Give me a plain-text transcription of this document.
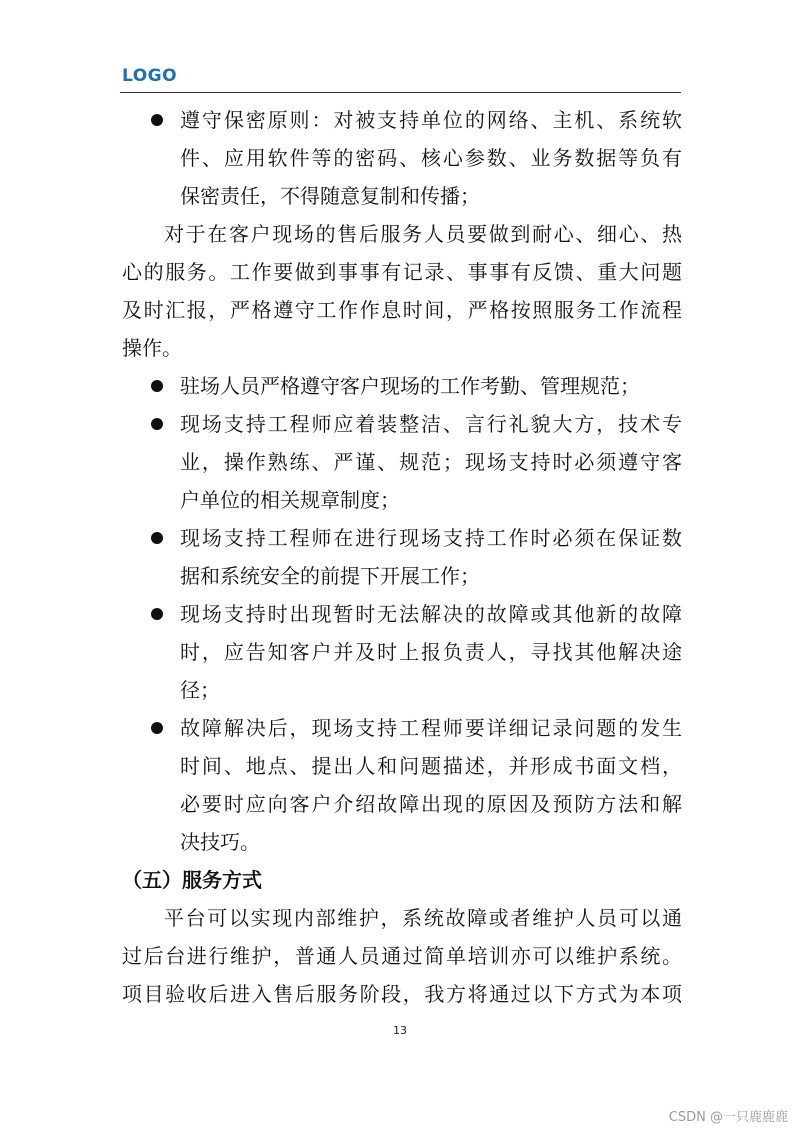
LOGO
遵守保密原则：对被支持单位的网络、主机、系统软
件、应用软件等的密码、核心参数、业务数据等负有
保密责任，不得随意复制和传播；
对于在客户现场的售后服务人员要做到耐心、细心、热
心的服务。工作要做到事事有记录、事事有反馈、重大问题
及时汇报，严格遵守工作作息时间，严格按照服务工作流程
操作。
驻场人员严格遵守客户现场的工作考勤、管理规范；
现场支持工程师应着装整洁、言行礼貌大方，技术专
业，操作熟练、严谨、规范；现场支持时必须遵守客
户单位的相关规章制度；
现场支持工程师在进行现场支持工作时必须在保证数
据和系统安全的前提下开展工作；
现场支持时出现暂时无法解决的故障或其他新的故障
时，应告知客户并及时上报负责人，寻找其他解决途
径；
故障解决后，现场支持工程师要详细记录问题的发生
时间、地点、提出人和问题描述，并形成书面文档，
必要时应向客户介绍故障出现的原因及预防方法和解
决技巧。
（五）服务方式
平台可以实现内部维护，系统故障或者维护人员可以通
过后台进行维护，普通人员通过简单培训亦可以维护系统。
项目验收后进入售后服务阶段，我方将通过以下方式为本项
13
CSDN @一只鹿鹿鹿
